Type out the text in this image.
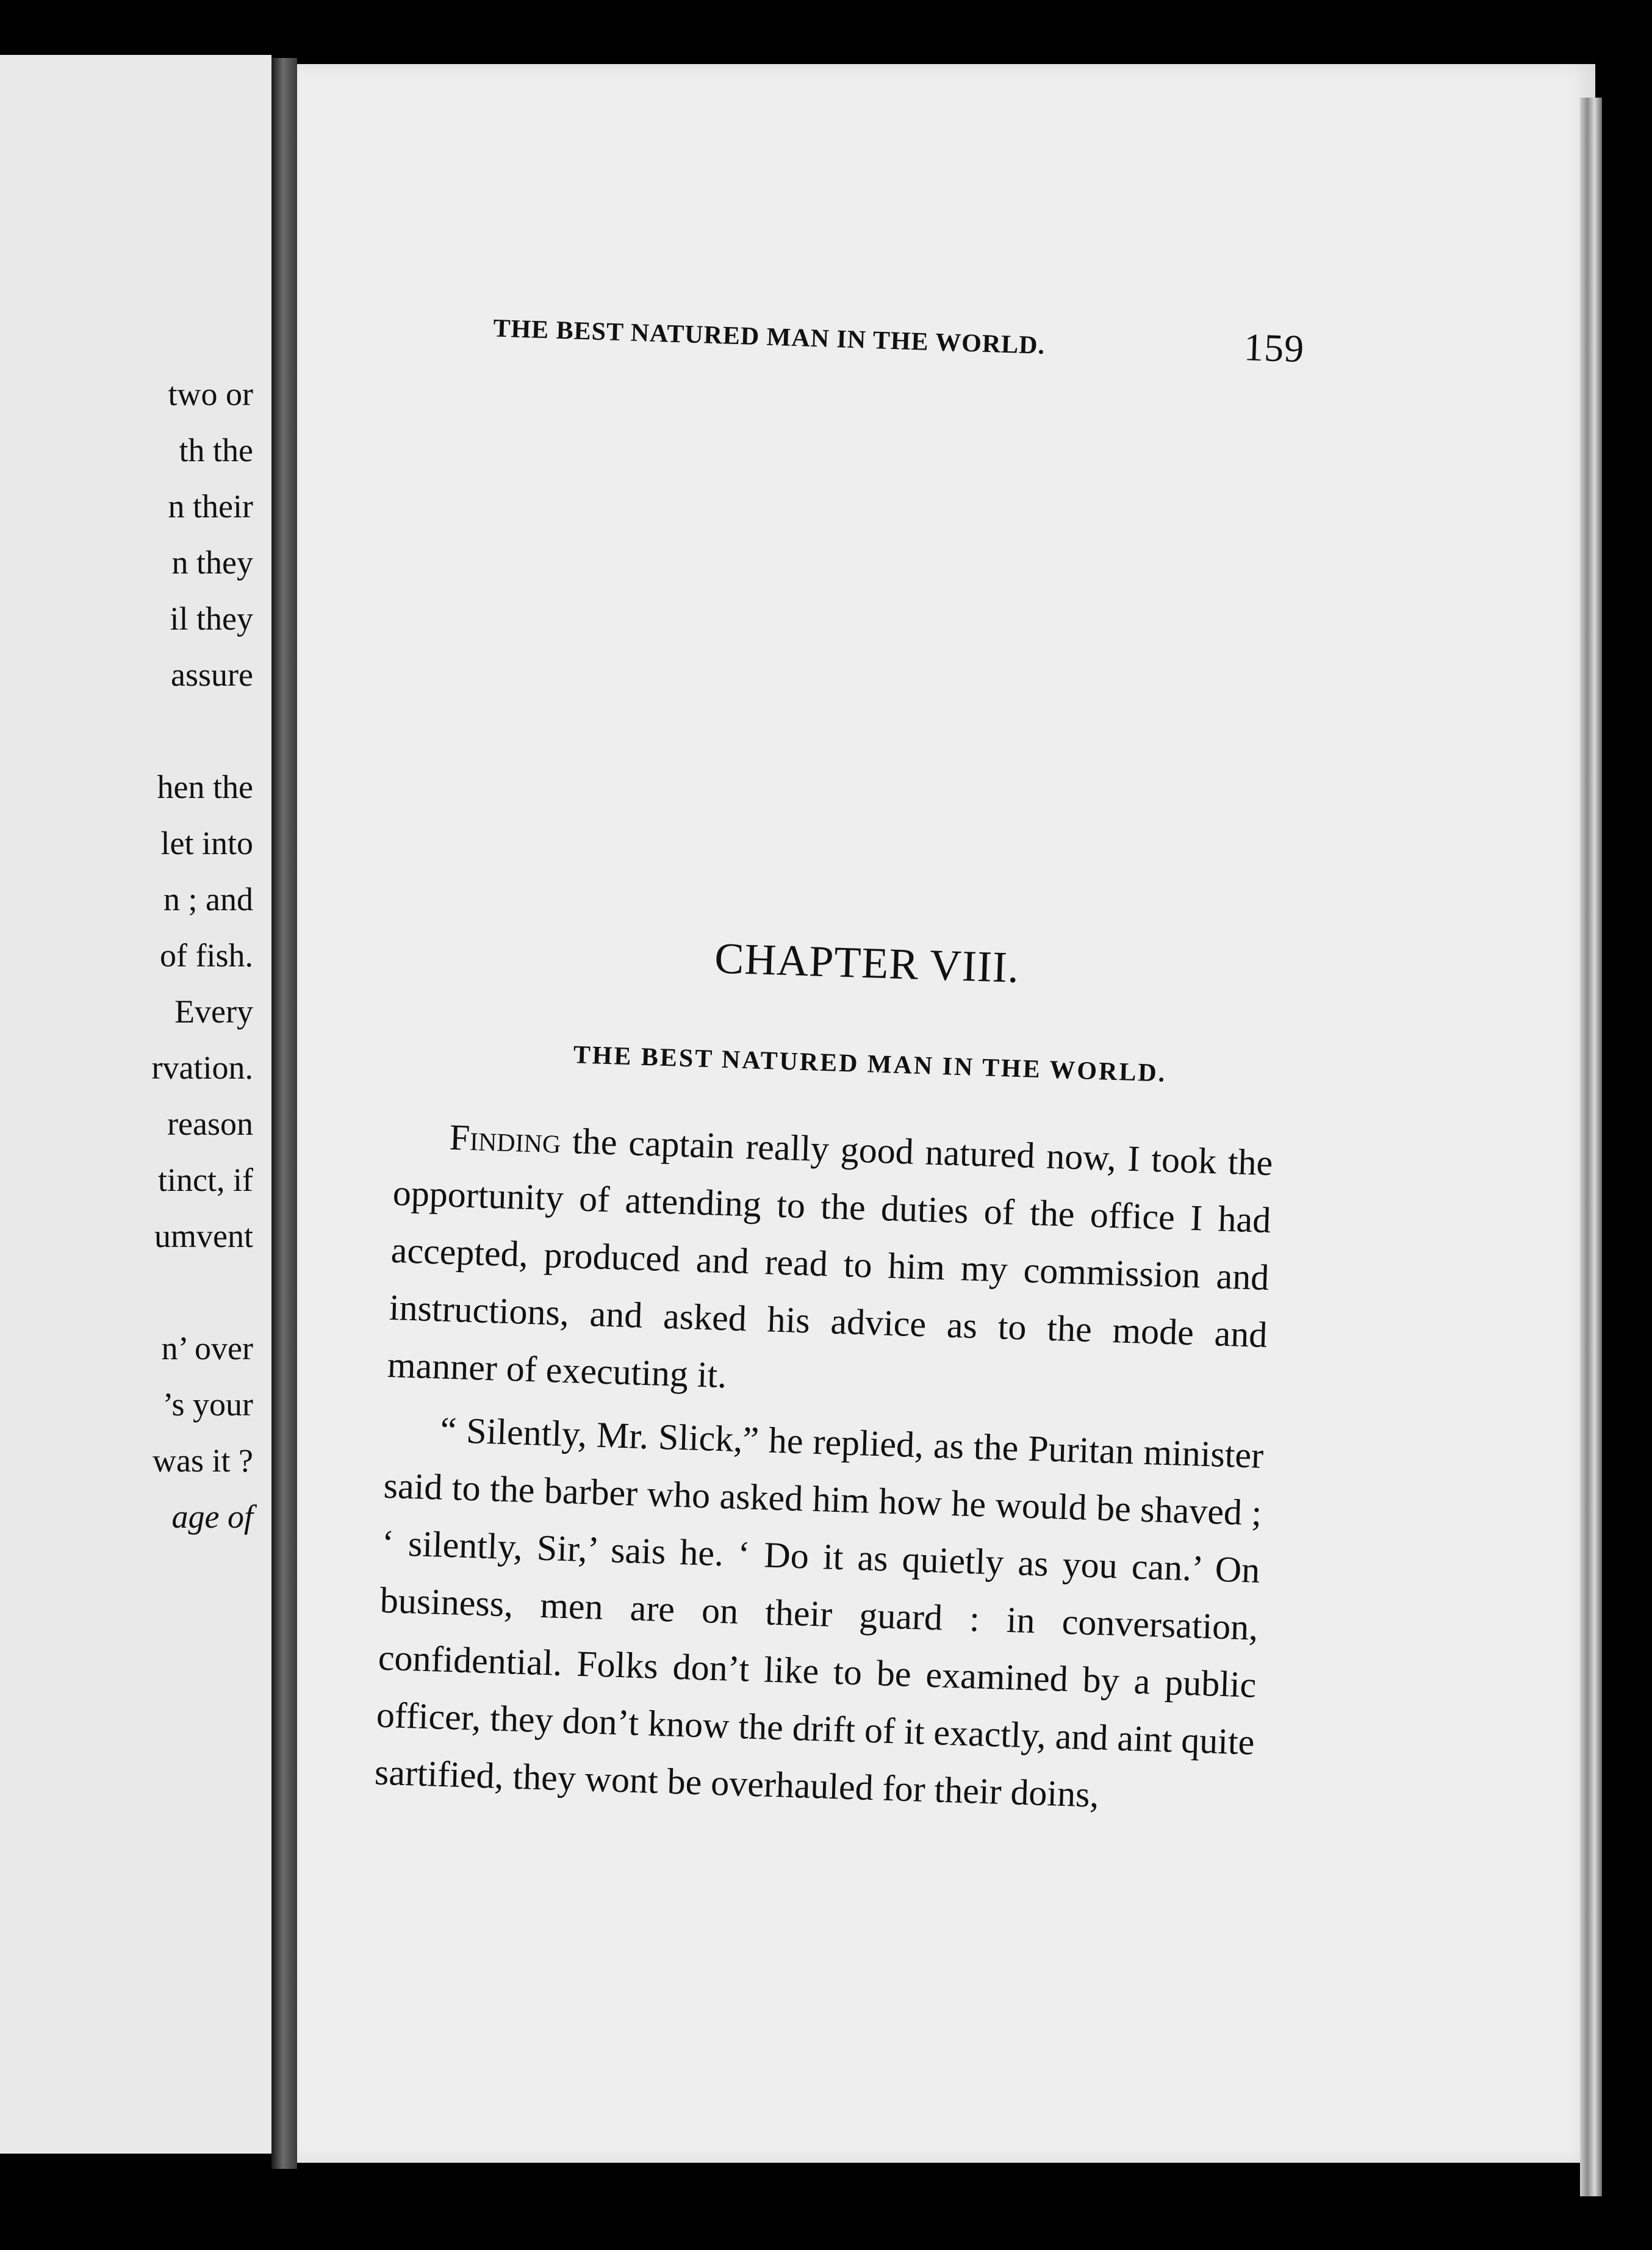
two or
th the
n their
n they
il they
assure
hen the
let into
n ; and
of fish.
Every
rvation.
reason
tinct, if
umvent
n’ over
’s your
was it ?
age of
THE BEST NATURED MAN IN THE WORLD.	159
CHAPTER VIII.
THE BEST NATURED MAN IN THE WORLD.

Finding the captain really good natured now, I took the opportunity of attending to the duties of the office I had accepted, produced and read to him my commission and instructions, and asked his advice as to the mode and manner of executing it.

“ Silently, Mr. Slick,” he replied, as the Puritan minister said to the barber who asked him how he would be shaved ; ‘ silently, Sir,’ sais he. ‘ Do it as quietly as you can.’ On business, men are on their guard : in conversation, confidential. Folks don’t like to be examined by a public officer, they don’t know the drift of it exactly, and aint quite sartified, they wont be overhauled for their doins,
